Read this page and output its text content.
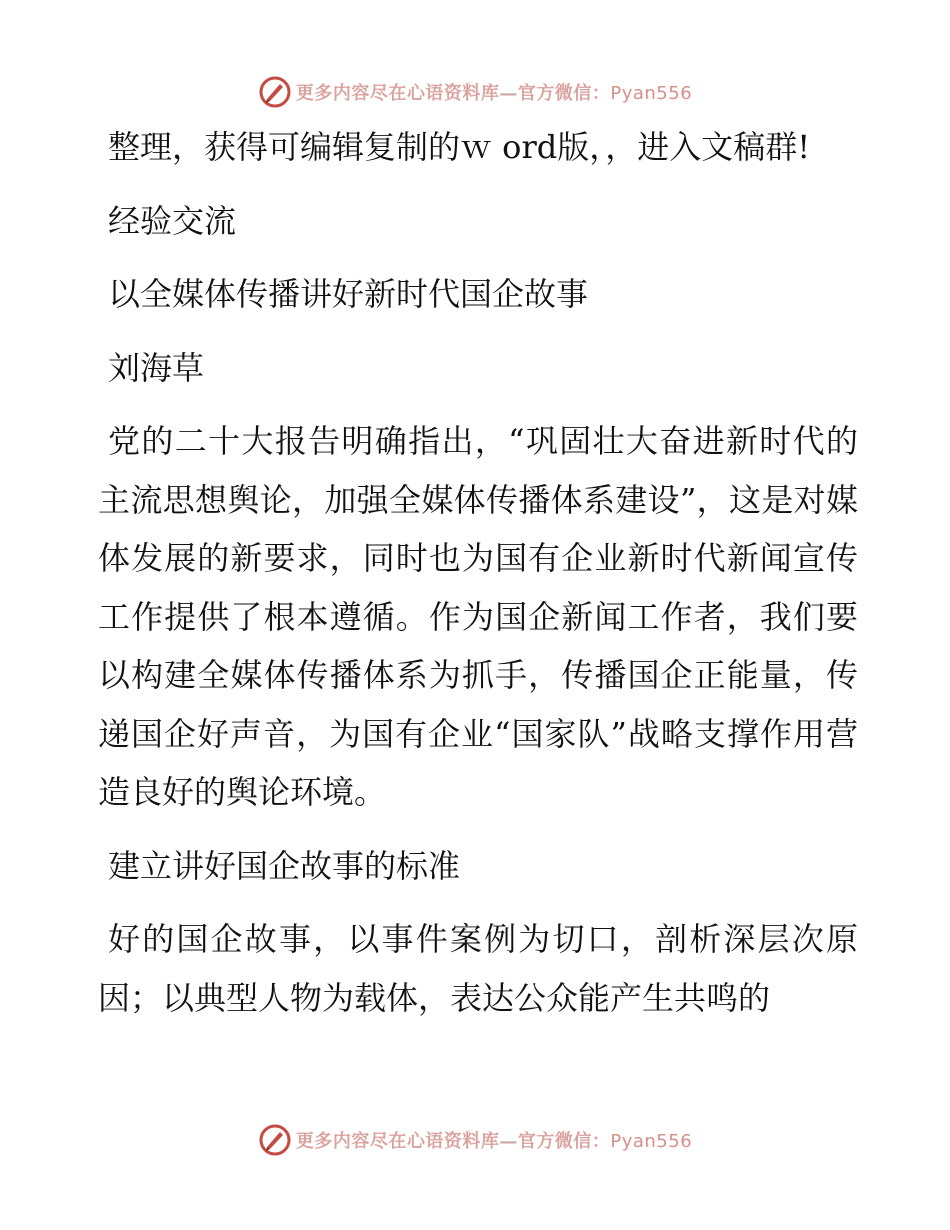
更多内容尽在心语资料库—官方微信：Pyan556

整理，获得可编辑复制的ｗ ord版，，进入文稿群!

经验交流

以全媒体传播讲好新时代国企故事

刘海草

党的二十大报告明确指出，“巩固壮大奋进新时代的主流思想舆论，加强全媒体传播体系建设”，这是对媒体发展的新要求，同时也为国有企业新时代新闻宣传工作提供了根本遵循。作为国企新闻工作者，我们要以构建全媒体传播体系为抓手，传播国企正能量，传递国企好声音，为国有企业“国家队”战略支撑作用营造良好的舆论环境。

建立讲好国企故事的标准

好的国企故事，以事件案例为切口，剖析深层次原因；以典型人物为载体，表达公众能产生共鸣的

更多内容尽在心语资料库—官方微信：Pyan556
